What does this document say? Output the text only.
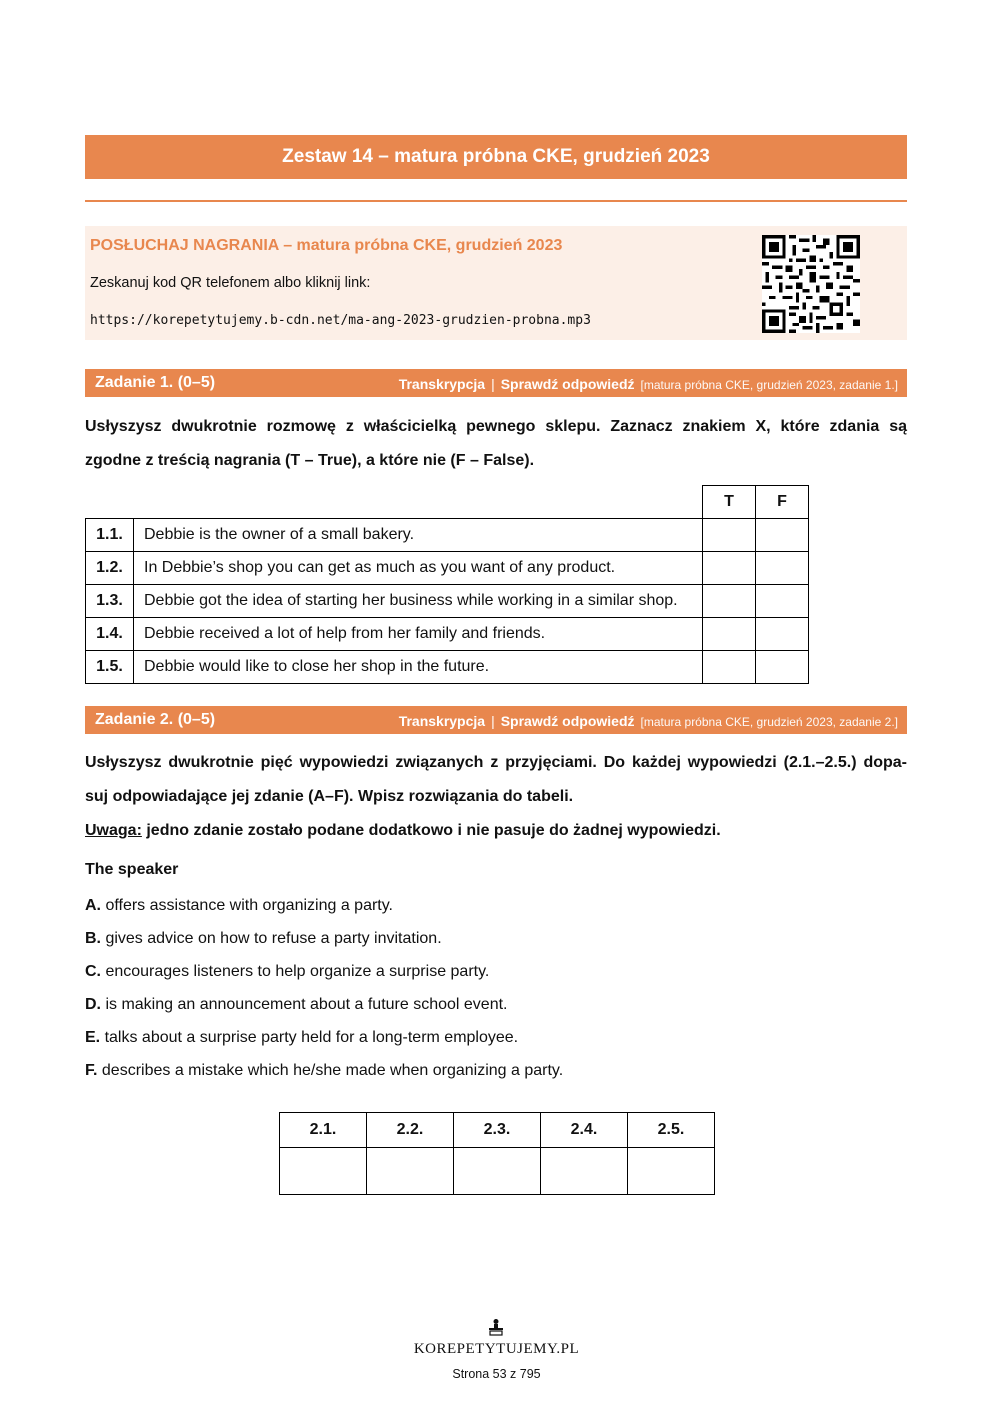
Zestaw 14 – matura próbna CKE, grudzień 2023
POSŁUCHAJ NAGRANIA – matura próbna CKE, grudzień 2023
Zeskanuj kod QR telefonem albo kliknij link:
https://korepetytujemy.b-cdn.net/ma-ang-2023-grudzien-probna.mp3
Zadanie 1. (0–5)	Transkrypcja | Sprawdź odpowiedź [matura próbna CKE, grudzień 2023, zadanie 1.]
Usłyszysz dwukrotnie rozmowę z właścicielką pewnego sklepu. Zaznacz znakiem X, które zdania są
zgodne z treścią nagrania (T – True), a które nie (F – False).
		T	F
1.1.	Debbie is the owner of a small bakery.		
1.2.	In Debbie’s shop you can get as much as you want of any product.		
1.3.	Debbie got the idea of starting her business while working in a similar shop.		
1.4.	Debbie received a lot of help from her family and friends.		
1.5.	Debbie would like to close her shop in the future.		
Zadanie 2. (0–5)	Transkrypcja | Sprawdź odpowiedź [matura próbna CKE, grudzień 2023, zadanie 2.]
Usłyszysz dwukrotnie pięć wypowiedzi związanych z przyjęciami. Do każdej wypowiedzi (2.1.–2.5.) dopa-
suj odpowiadające jej zdanie (A–F). Wpisz rozwiązania do tabeli.
Uwaga: jedno zdanie zostało podane dodatkowo i nie pasuje do żadnej wypowiedzi.
The speaker
A. offers assistance with organizing a party.
B. gives advice on how to refuse a party invitation.
C. encourages listeners to help organize a surprise party.
D. is making an announcement about a future school event.
E. talks about a surprise party held for a long-term employee.
F. describes a mistake which he/she made when organizing a party.
2.1.	2.2.	2.3.	2.4.	2.5.

KOREPETYTUJEMY.PL
Strona 53 z 795
